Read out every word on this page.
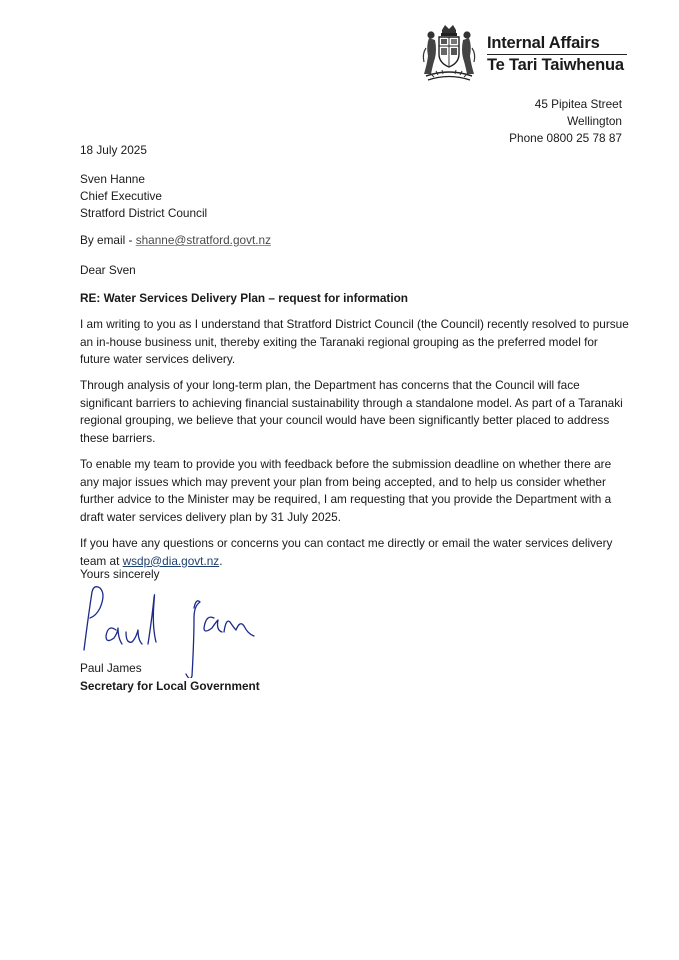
Internal Affairs
Te Tari Taiwhenua
45 Pipitea Street
Wellington
Phone 0800 25 78 87
18 July 2025
Sven Hanne
Chief Executive
Stratford District Council
By email - shanne@stratford.govt.nz
Dear Sven
RE: Water Services Delivery Plan – request for information

I am writing to you as I understand that Stratford District Council (the Council) recently resolved to pursue an in-house business unit, thereby exiting the Taranaki regional grouping as the preferred model for future water services delivery.

Through analysis of your long-term plan, the Department has concerns that the Council will face significant barriers to achieving financial sustainability through a standalone model. As part of a Taranaki regional grouping, we believe that your council would have been significantly better placed to address these barriers.

To enable my team to provide you with feedback before the submission deadline on whether there are any major issues which may prevent your plan from being accepted, and to help us consider whether further advice to the Minister may be required, I am requesting that you provide the Department with a draft water services delivery plan by 31 July 2025.

If you have any questions or concerns you can contact me directly or email the water services delivery team at wsdp@dia.govt.nz.

Yours sincerely
Paul James
Secretary for Local Government
